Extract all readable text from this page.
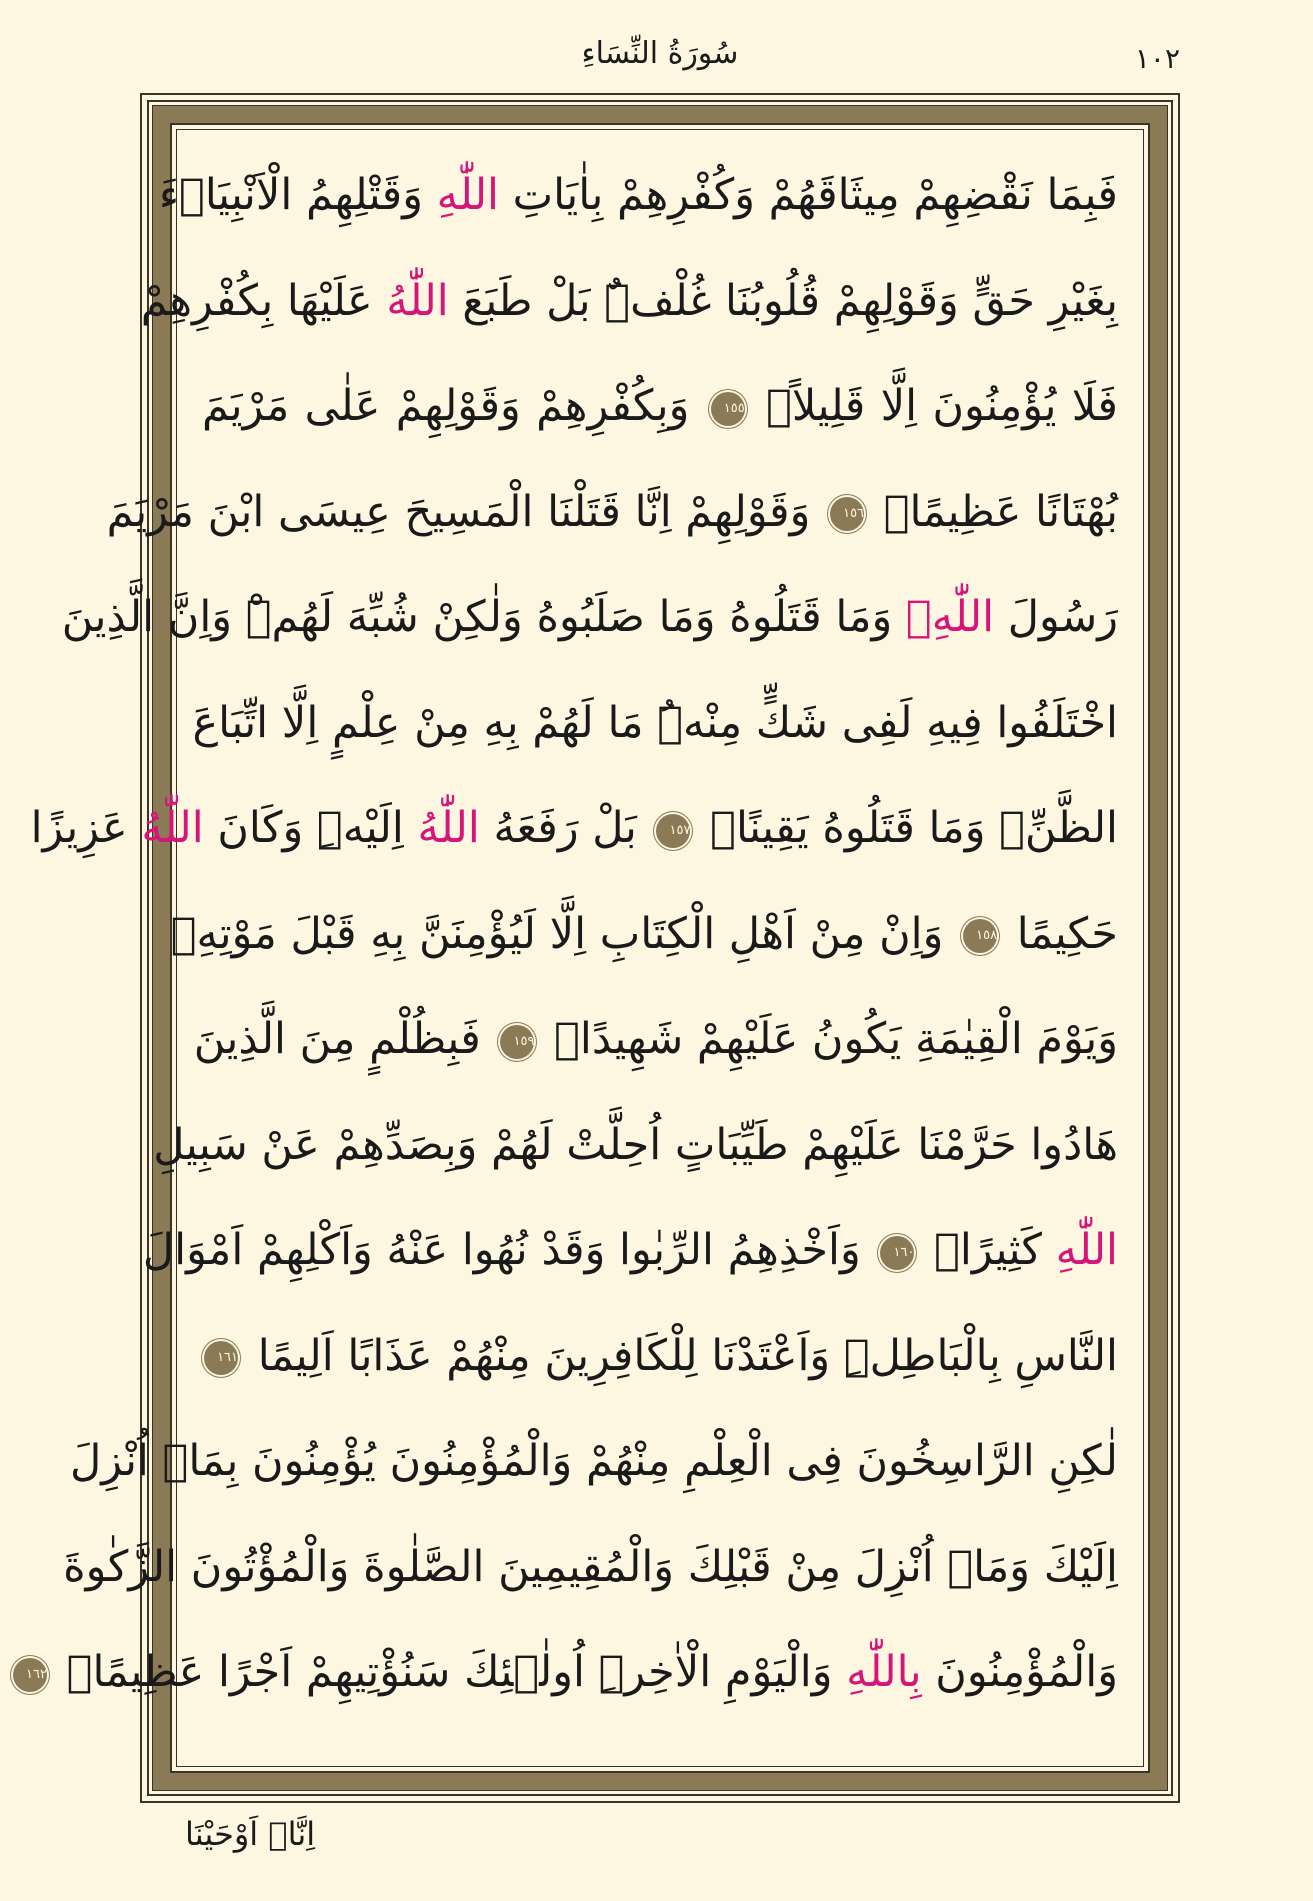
سُورَةُ النِّسَاءِ	١٠٢
فَبِمَا نَقْضِهِمْ مِيثَاقَهُمْ وَكُفْرِهِمْ بِاٰيَاتِ اللّٰهِ وَقَتْلِهِمُ الْاَنْبِيَاۤءَ
بِغَيْرِ حَقٍّ وَقَوْلِهِمْ قُلُوبُنَا غُلْفٌۜ بَلْ طَبَعَ اللّٰهُ عَلَيْهَا بِكُفْرِهِمْ
فَلَا يُؤْمِنُونَ اِلَّا قَلِيلاًۖ ١٥٥ وَبِكُفْرِهِمْ وَقَوْلِهِمْ عَلٰى مَرْيَمَ
بُهْتَانًا عَظِيمًاۙ ١٥٦ وَقَوْلِهِمْ اِنَّا قَتَلْنَا الْمَسِيحَ عِيسَى ابْنَ مَرْيَمَ
رَسُولَ اللّٰهِۚ وَمَا قَتَلُوهُ وَمَا صَلَبُوهُ وَلٰكِنْ شُبِّهَ لَهُمْۜ وَاِنَّ الَّذِينَ
اخْتَلَفُوا فِيهِ لَفِى شَكٍّ مِنْهُۜ مَا لَهُمْ بِهِ مِنْ عِلْمٍ اِلَّا اتِّبَاعَ
الظَّنِّۚ وَمَا قَتَلُوهُ يَقِينًاۙ ١٥٧ بَلْ رَفَعَهُ اللّٰهُ اِلَيْهِۜ وَكَانَ اللّٰهُ عَزِيزًا
حَكِيمًا ١٥٨ وَاِنْ مِنْ اَهْلِ الْكِتَابِ اِلَّا لَيُؤْمِنَنَّ بِهِ قَبْلَ مَوْتِهِۚ
وَيَوْمَ الْقِيٰمَةِ يَكُونُ عَلَيْهِمْ شَهِيدًاۚ ١٥٩ فَبِظُلْمٍ مِنَ الَّذِينَ
هَادُوا حَرَّمْنَا عَلَيْهِمْ طَيِّبَاتٍ اُحِلَّتْ لَهُمْ وَبِصَدِّهِمْ عَنْ سَبِيلِ
اللّٰهِ كَثِيرًاۙ ١٦٠ وَاَخْذِهِمُ الرِّبٰوا وَقَدْ نُهُوا عَنْهُ وَاَكْلِهِمْ اَمْوَالَ
النَّاسِ بِالْبَاطِلِۜ وَاَعْتَدْنَا لِلْكَافِرِينَ مِنْهُمْ عَذَابًا اَلِيمًا ١٦١
لٰكِنِ الرَّاسِخُونَ فِى الْعِلْمِ مِنْهُمْ وَالْمُؤْمِنُونَ يُؤْمِنُونَ بِمَاۤ اُنْزِلَ
اِلَيْكَ وَمَاۤ اُنْزِلَ مِنْ قَبْلِكَ وَالْمُقِيمِينَ الصَّلٰوةَ وَالْمُؤْتُونَ الزَّكٰوةَ
وَالْمُؤْمِنُونَ بِاللّٰهِ وَالْيَوْمِ الْاٰخِرِۜ اُولٰۤئِكَ سَنُؤْتِيهِمْ اَجْرًا عَظِيمًاࣖ ١٦٢
اِنَّاۤ اَوْحَيْنَا
